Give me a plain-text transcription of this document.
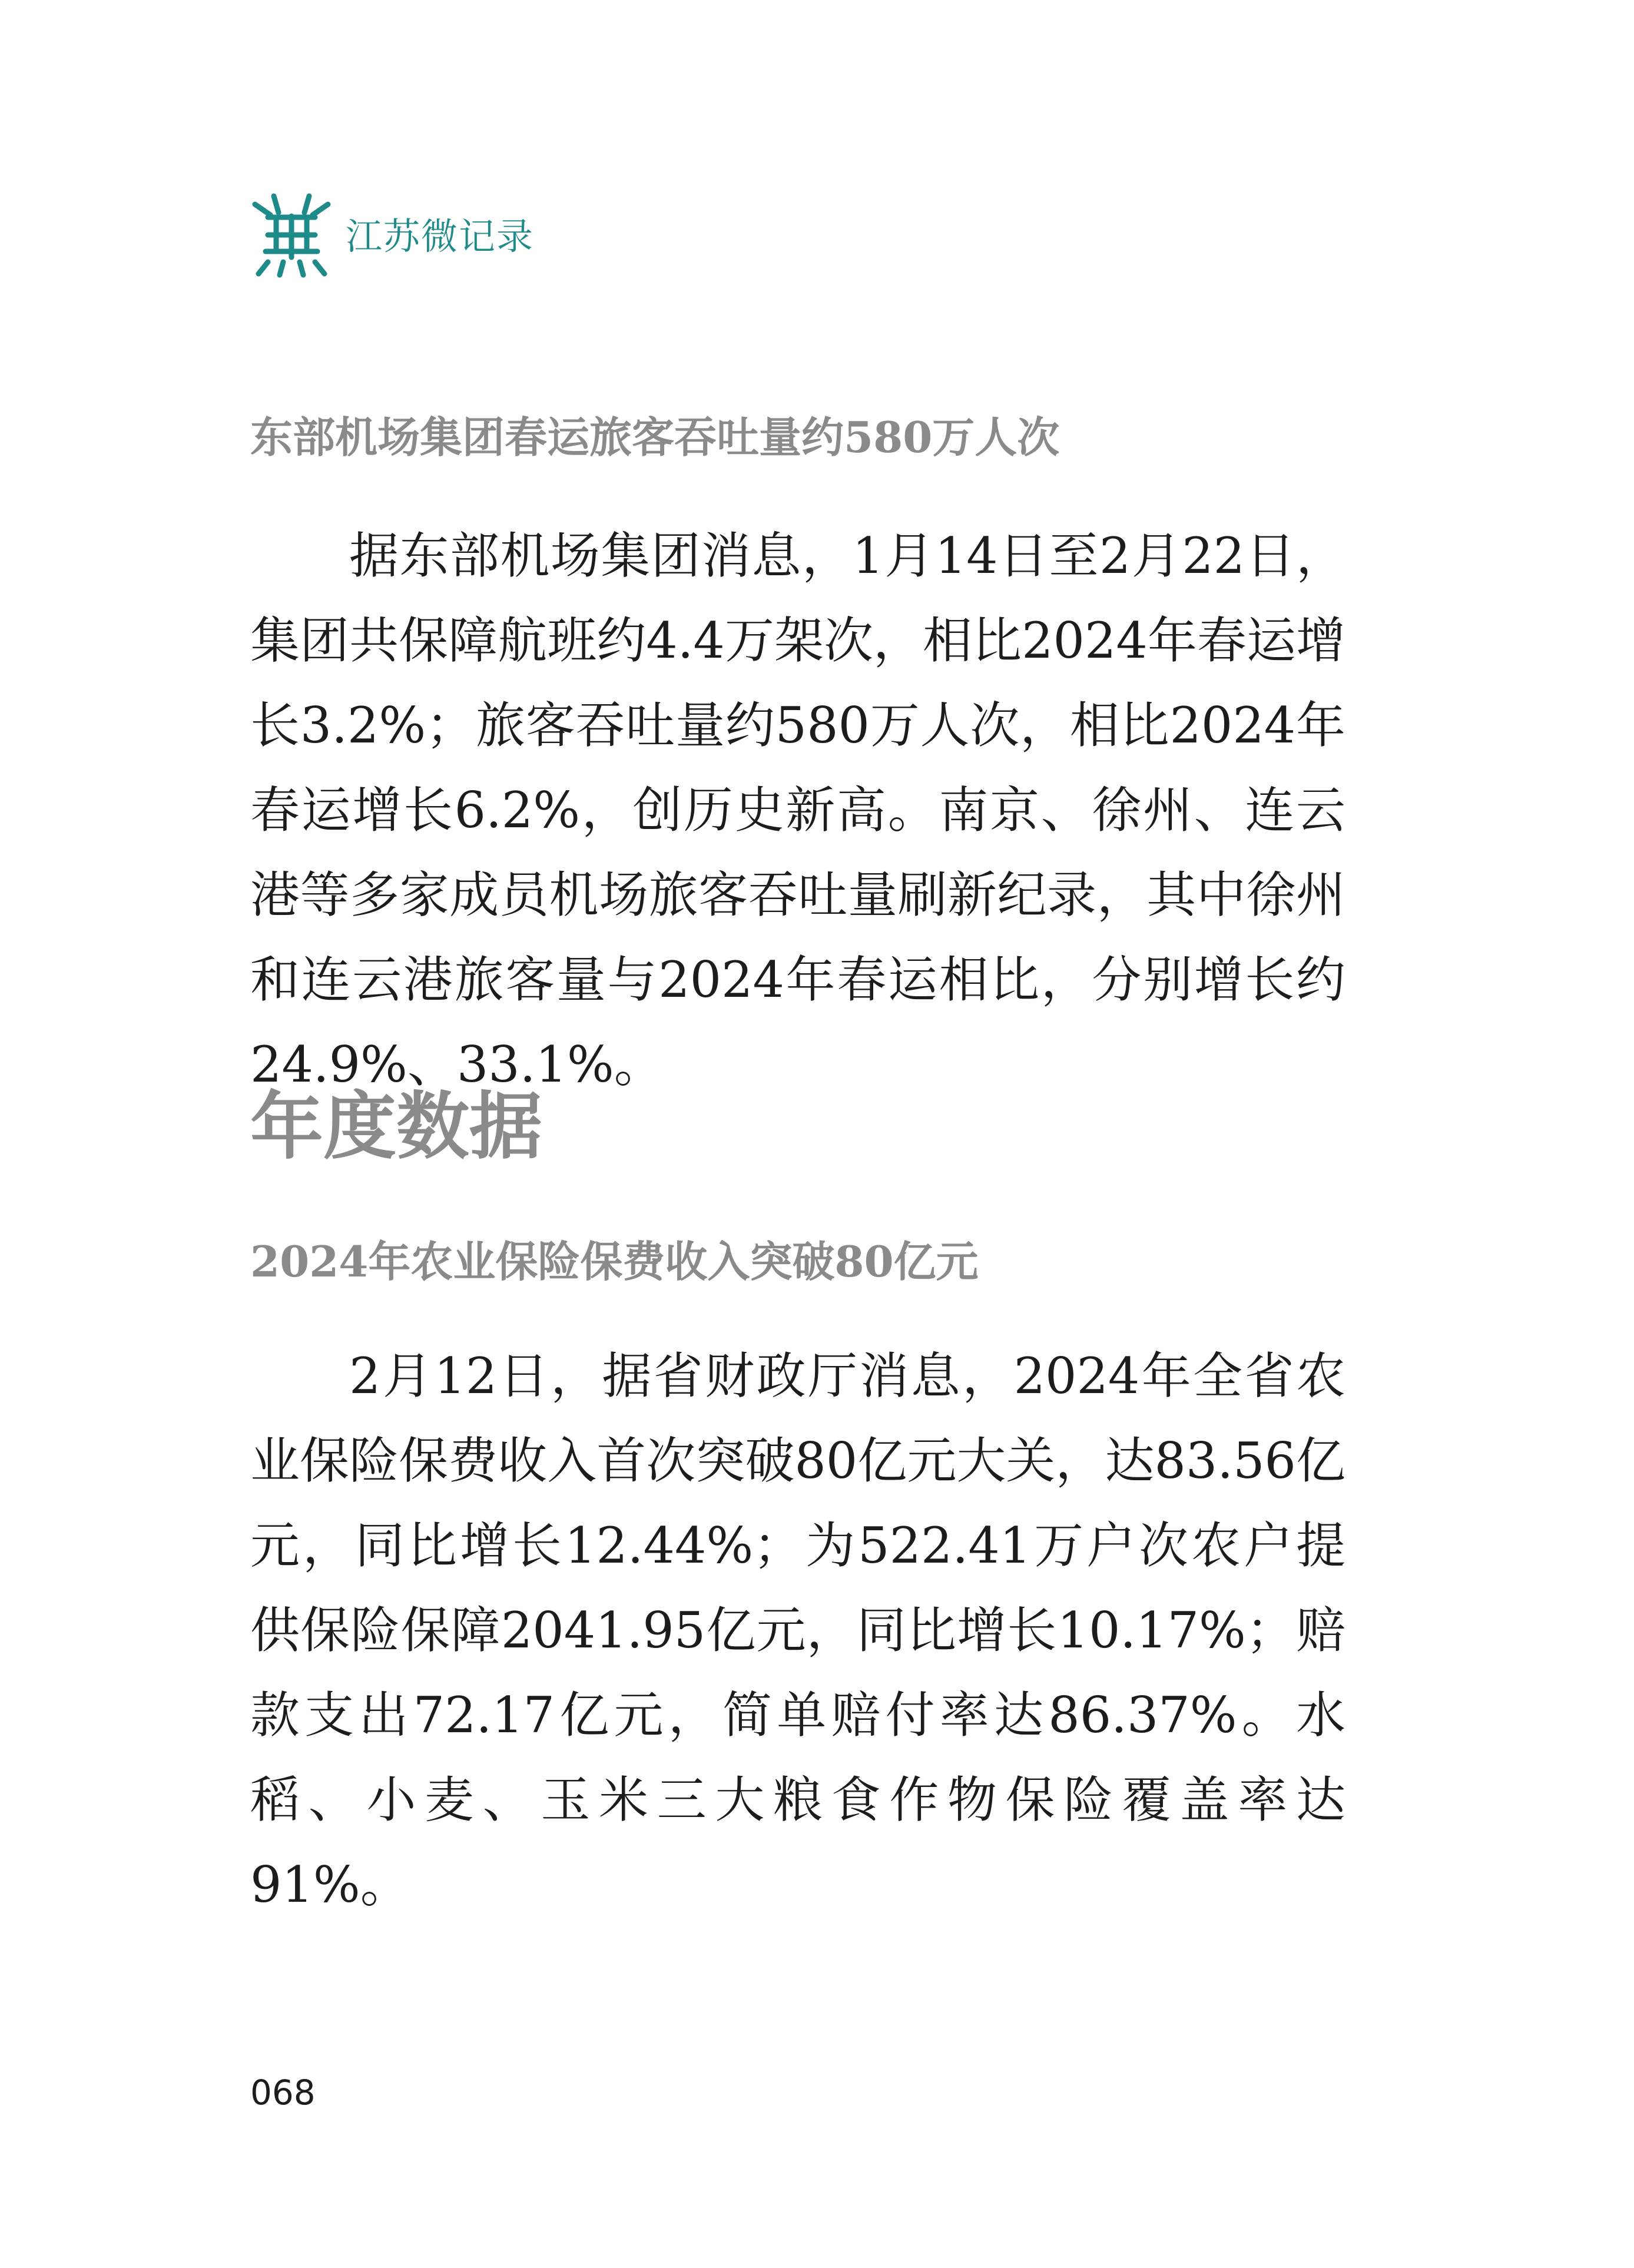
江苏微记录
东部机场集团春运旅客吞吐量约580万人次

据东部机场集团消息，1月14日至2月22日，集团共保障航班约4.4万架次，相比2024年春运增长3.2%；旅客吞吐量约580万人次，相比2024年春运增长6.2%，创历史新高。南京、徐州、连云港等多家成员机场旅客吞吐量刷新纪录，其中徐州和连云港旅客量与2024年春运相比，分别增长约24.9%、33.1%。

年度数据
2024年农业保险保费收入突破80亿元

2月12日，据省财政厅消息，2024年全省农业保险保费收入首次突破80亿元大关，达83.56亿元，同比增长12.44%；为522.41万户次农户提供保险保障2041.95亿元，同比增长10.17%；赔款支出72.17亿元，简单赔付率达86.37%。水稻、小麦、玉米三大粮食作物保险覆盖率达91%。

068
